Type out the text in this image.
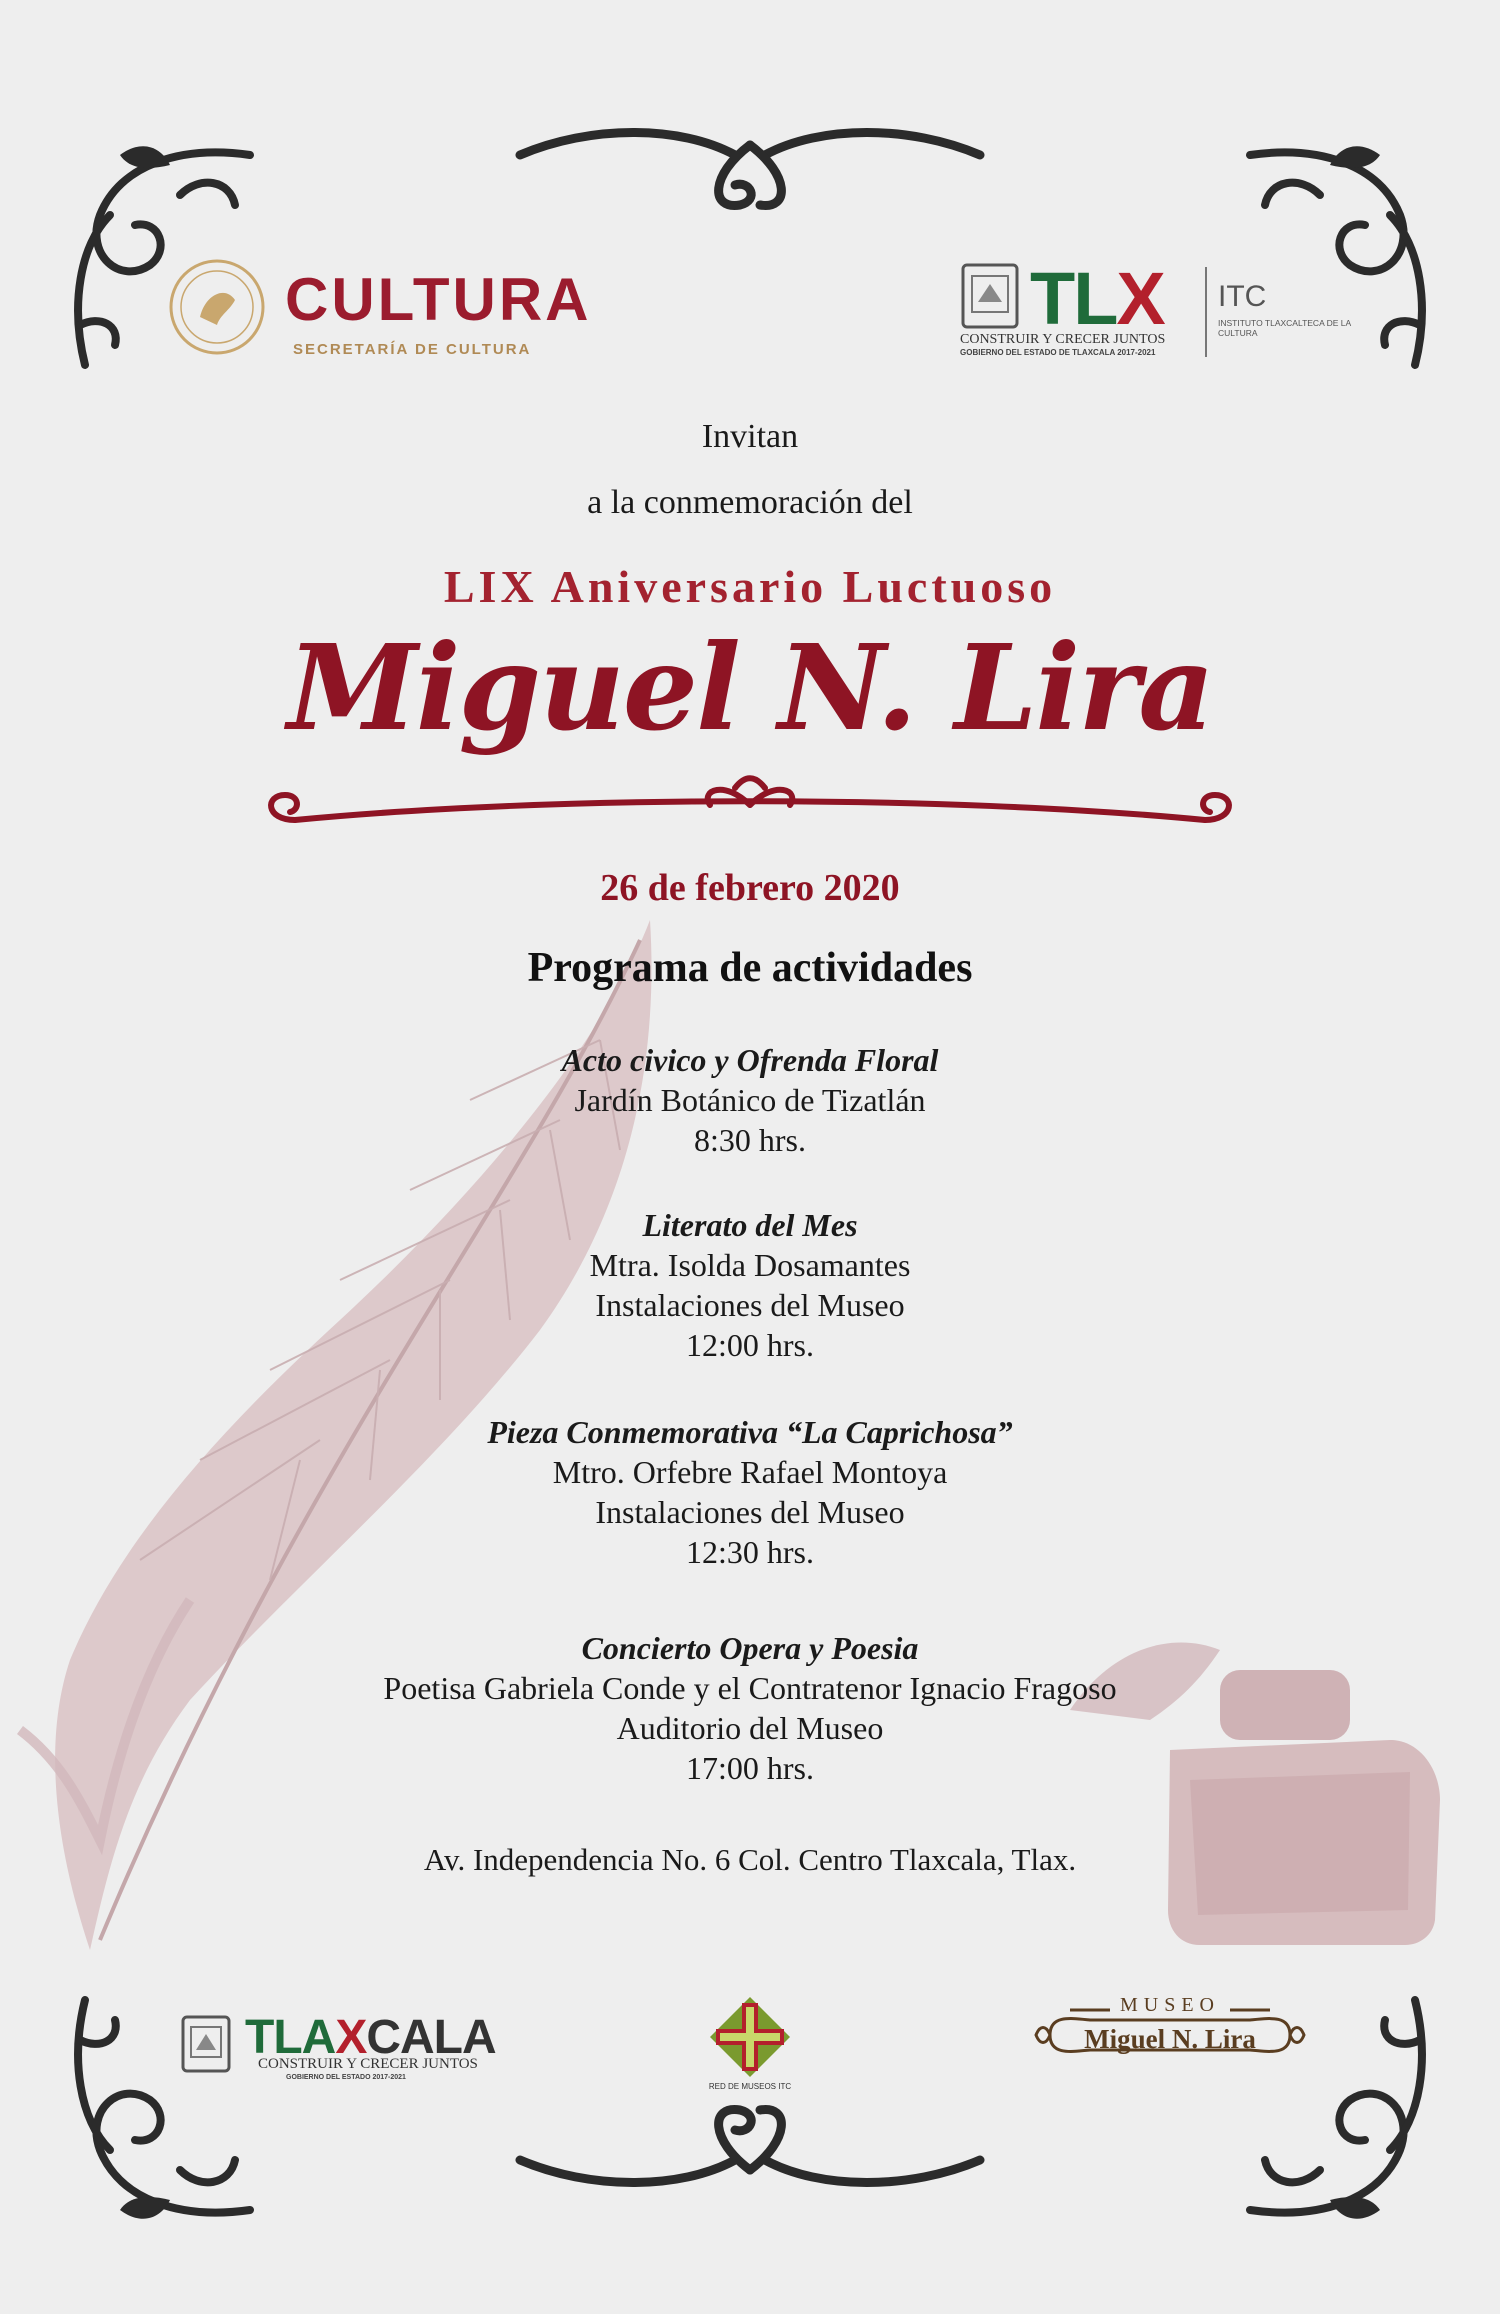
CULTURA
SECRETARÍA DE CULTURA
TLX
CONSTRUIR Y CRECER JUNTOS
GOBIERNO DEL ESTADO DE TLAXCALA 2017-2021
ITC
INSTITUTO TLAXCALTECA DE LA CULTURA
Invitan
a la conmemoración del
LIX Aniversario Luctuoso
Miguel N. Lira
26 de febrero 2020
Programa de actividades
Acto civico y Ofrenda Floral
Jardín Botánico de Tizatlán
8:30 hrs.
Literato del Mes
Mtra. Isolda Dosamantes
Instalaciones del Museo
12:00 hrs.
Pieza Conmemorativa “La Caprichosa”
Mtro. Orfebre Rafael Montoya
Instalaciones del Museo
12:30 hrs.
Concierto Opera y Poesia
Poetisa Gabriela Conde y el Contratenor Ignacio Fragoso
Auditorio del Museo
17:00 hrs.
Av. Independencia No. 6 Col. Centro Tlaxcala, Tlax.
TLAXCALA
CONSTRUIR Y CRECER JUNTOS
GOBIERNO DEL ESTADO 2017-2021
RED DE MUSEOS ITC
MUSEO
Miguel N. Lira
